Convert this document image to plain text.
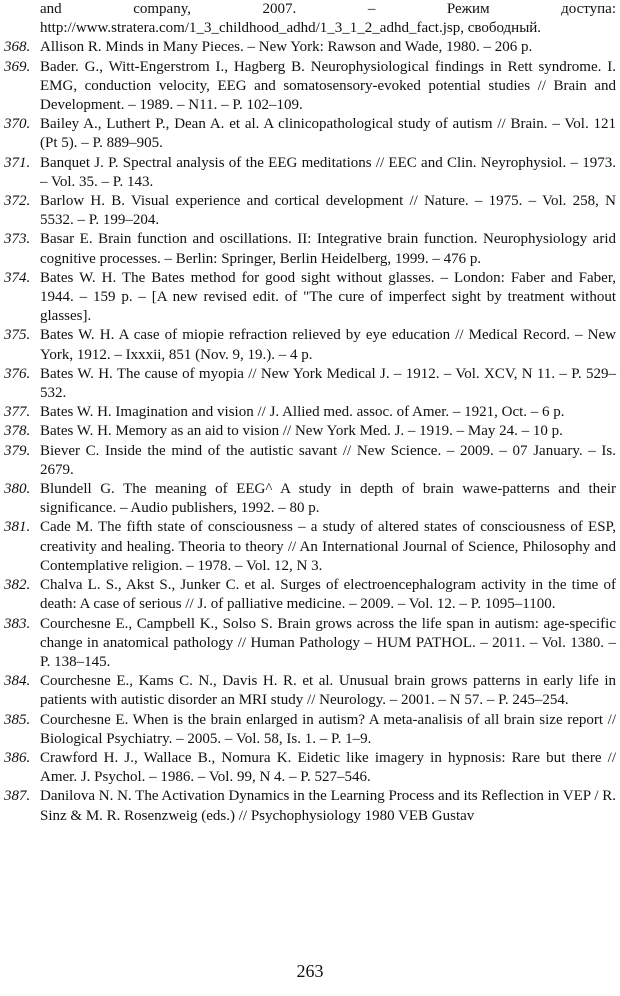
and company, 2007. – Режим доступа: http://www.stratera.com/1_3_childhood_adhd/1_3_1_2_adhd_fact.jsp, свободный.

368. Allison R. Minds in Many Pieces. – New York: Rawson and Wade, 1980. – 206 p.

369. Bader. G., Witt-Engerstrom I., Hagberg B. Neurophysiological findings in Rett syndrome. I. EMG, conduction velocity, EEG and somatosensory-evoked potential studies // Brain and Development. – 1989. – N11. – P. 102–109.

370. Bailey A., Luthert P., Dean A. et al. A clinicopathological study of autism // Brain. – Vol. 121 (Pt 5). – P. 889–905.

371. Banquet J. P. Spectral analysis of the EEG meditations // EEC and Clin. Neyrophysiol. – 1973. – Vol. 35. – P. 143.

372. Barlow H. B. Visual experience and cortical development // Nature. – 1975. – Vol. 258, N 5532. – P. 199–204.

373. Basar E. Brain function and oscillations. II: Integrative brain function. Neurophysiology arid cognitive processes. – Berlin: Springer, Berlin Heidelberg, 1999. – 476 p.

374. Bates W. H. The Bates method for good sight without glasses. – London: Faber and Faber, 1944. – 159 p. – [A new revised edit. of "The cure of imperfect sight by treatment without glasses].

375. Bates W. H. A case of miopie refraction relieved by eye education // Medical Record. – New York, 1912. – Ixxxii, 851 (Nov. 9, 19.). – 4 p.

376. Bates W. H. The cause of myopia // New York Medical J. – 1912. – Vol. XCV, N 11. – P. 529–532.

377. Bates W. H. Imagination and vision // J. Allied med. assoc. of Amer. – 1921, Oct. – 6 p.

378. Bates W. H. Memory as an aid to vision // New York Med. J. – 1919. – May 24. – 10 p.

379. Biever C. Inside the mind of the autistic savant // New Science. – 2009. – 07 January. – Is. 2679.

380. Blundell G. The meaning of EEG^ A study in depth of brain wawe-patterns and their significance. – Audio publishers, 1992. – 80 p.

381. Cade M. The fifth state of consciousness – a study of altered states of consciousness of ESP, creativity and healing. Theoria to theory // An International Journal of Science, Philosophy and Contemplative religion. – 1978. – Vol. 12, N 3.

382. Chalva L. S., Akst S., Junker C. et al. Surges of electroencephalogram activity in the time of death: A case of serious // J. of palliative medicine. – 2009. – Vol. 12. – P. 1095–1100.

383. Courchesne E., Campbell K., Solso S. Brain grows across the life span in autism: age-specific change in anatomical pathology // Human Pathology – HUM PATHOL. – 2011. – Vol. 1380. – P. 138–145.

384. Courchesne E., Kams C. N., Davis H. R. et al. Unusual brain grows patterns in early life in patients with autistic disorder an MRI study // Neurology. – 2001. – N 57. – P. 245–254.

385. Courchesne E. When is the brain enlarged in autism? A meta-analisis of all brain size report // Biological Psychiatry. – 2005. – Vol. 58, Is. 1. – P. 1–9.

386. Crawford H. J., Wallace B., Nomura K. Eidetic like imagery in hypnosis: Rare but there // Amer. J. Psychol. – 1986. – Vol. 99, N 4. – P. 527–546.

387. Danilova N. N. The Activation Dynamics in the Learning Process and its Reflection in VEP / R. Sinz & M. R. Rosenzweig (eds.) // Psychophysiology 1980 VEB Gustav

263
